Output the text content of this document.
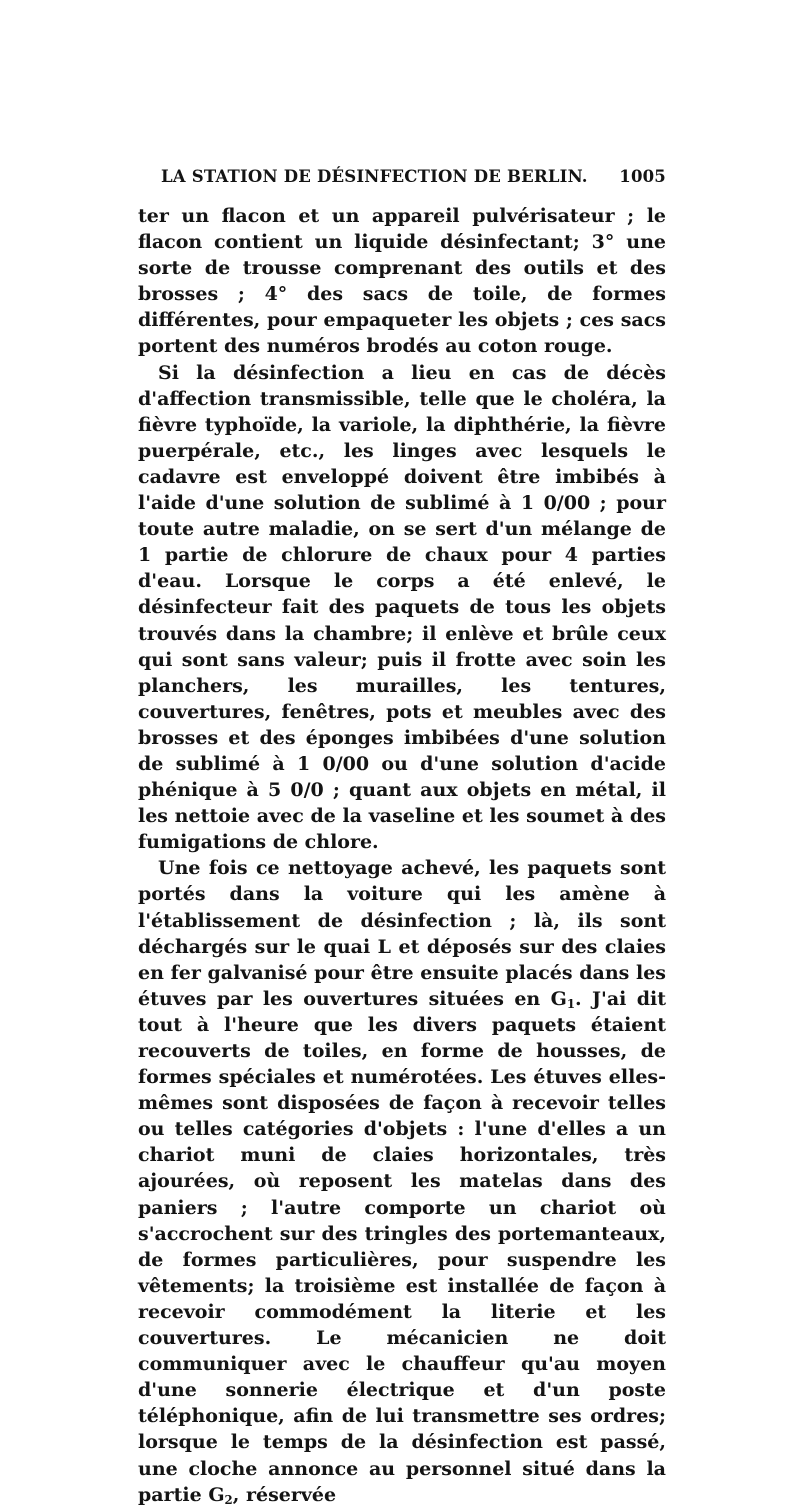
LA STATION DE DÉSINFECTION DE BERLIN. 1005

ter un flacon et un appareil pulvérisateur ; le flacon contient un liquide désinfectant; 3° une sorte de trousse comprenant des outils et des brosses ; 4° des sacs de toile, de formes différentes, pour empaqueter les objets ; ces sacs portent des numéros brodés au coton rouge.

Si la désinfection a lieu en cas de décès d'affection transmissible, telle que le choléra, la fièvre typhoïde, la variole, la diphthérie, la fièvre puerpérale, etc., les linges avec lesquels le cadavre est enveloppé doivent être imbibés à l'aide d'une solution de sublimé à 1 0/00 ; pour toute autre maladie, on se sert d'un mélange de 1 partie de chlorure de chaux pour 4 parties d'eau. Lorsque le corps a été enlevé, le désinfecteur fait des paquets de tous les objets trouvés dans la chambre; il enlève et brûle ceux qui sont sans valeur; puis il frotte avec soin les planchers, les murailles, les tentures, couvertures, fenêtres, pots et meubles avec des brosses et des éponges imbibées d'une solution de sublimé à 1 0/00 ou d'une solution d'acide phénique à 5 0/0 ; quant aux objets en métal, il les nettoie avec de la vaseline et les soumet à des fumigations de chlore.

Une fois ce nettoyage achevé, les paquets sont portés dans la voiture qui les amène à l'établissement de désinfection ; là, ils sont déchargés sur le quai L et déposés sur des claies en fer galvanisé pour être ensuite placés dans les étuves par les ouvertures situées en $G_1$. J'ai dit tout à l'heure que les divers paquets étaient recouverts de toiles, en forme de housses, de formes spéciales et numérotées. Les étuves elles-mêmes sont disposées de façon à recevoir telles ou telles catégories d'objets : l'une d'elles a un chariot muni de claies horizontales, très ajourées, où reposent les matelas dans des paniers ; l'autre comporte un chariot où s'accrochent sur des tringles des portemanteaux, de formes particulières, pour suspendre les vêtements; la troisième est installée de façon à recevoir commodément la literie et les couvertures. Le mécanicien ne doit communiquer avec le chauffeur qu'au moyen d'une sonnerie électrique et d'un poste téléphonique, afin de lui transmettre ses ordres; lorsque le temps de la désinfection est passé, une cloche annonce au personnel situé dans la partie $G_2$, réservée
